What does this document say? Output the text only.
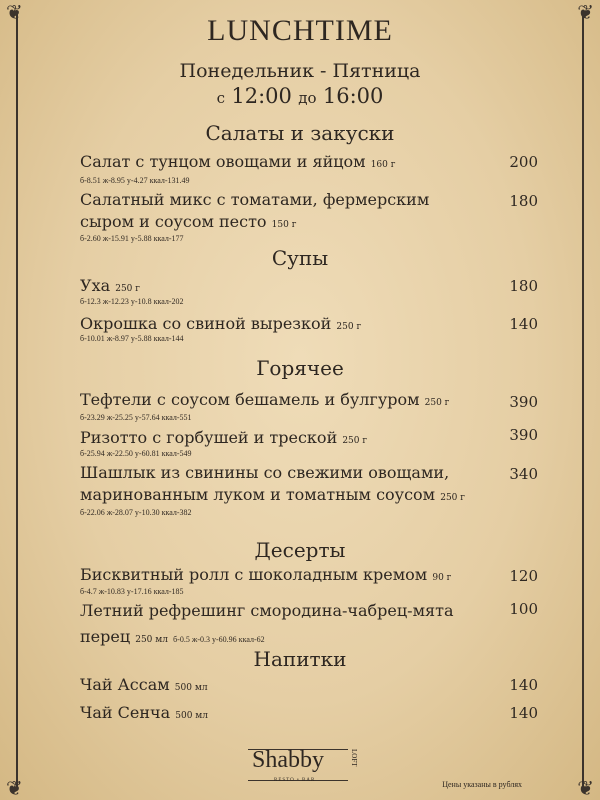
❦	❦
❦	❦
LUNCHTIME
Понедельник - Пятница
с 12:00 до 16:00
Салаты и закуски
Салат с тунцом овощами и яйцом 160 г	200
б-8.51 ж-8.95 у-4.27 ккал-131.49
Салатный микс с томатами, фермерским
сыром и соусом песто 150 г
180
б-2.60 ж-15.91 у-5.88 ккал-177
Супы
Уха 250 г	180
б-12.3 ж-12.23 у-10.8 ккал-202
Окрошка со свиной вырезкой 250 г	140
б-10.01 ж-8.97 у-5.88 ккал-144
Горячее
Тефтели с соусом бешамель и булгуром 250 г	390
б-23.29 ж-25.25 у-57.64 ккал-551
Ризотто с горбушей и треской 250 г	390
б-25.94 ж-22.50 у-60.81 ккал-549
Шашлык из свинины со свежими овощами,
маринованным луком и томатным соусом 250 г
340
б-22.06 ж-28.07 у-10.30 ккал-382
Десерты
Бисквитный ролл с шоколадным кремом 90 г	120
б-4.7 ж-10.83 у-17.16 ккал-185
Летний рефрешинг смородина-чабрец-мята
перец 250 мл б-0.5 ж-0.3 у-60.96 ккал-62
100
Напитки
Чай Ассам 500 мл	140
Чай Сенча 500 мл	140
Shabby	LOFT
RESTO • BAR	Цены указаны в рублях
